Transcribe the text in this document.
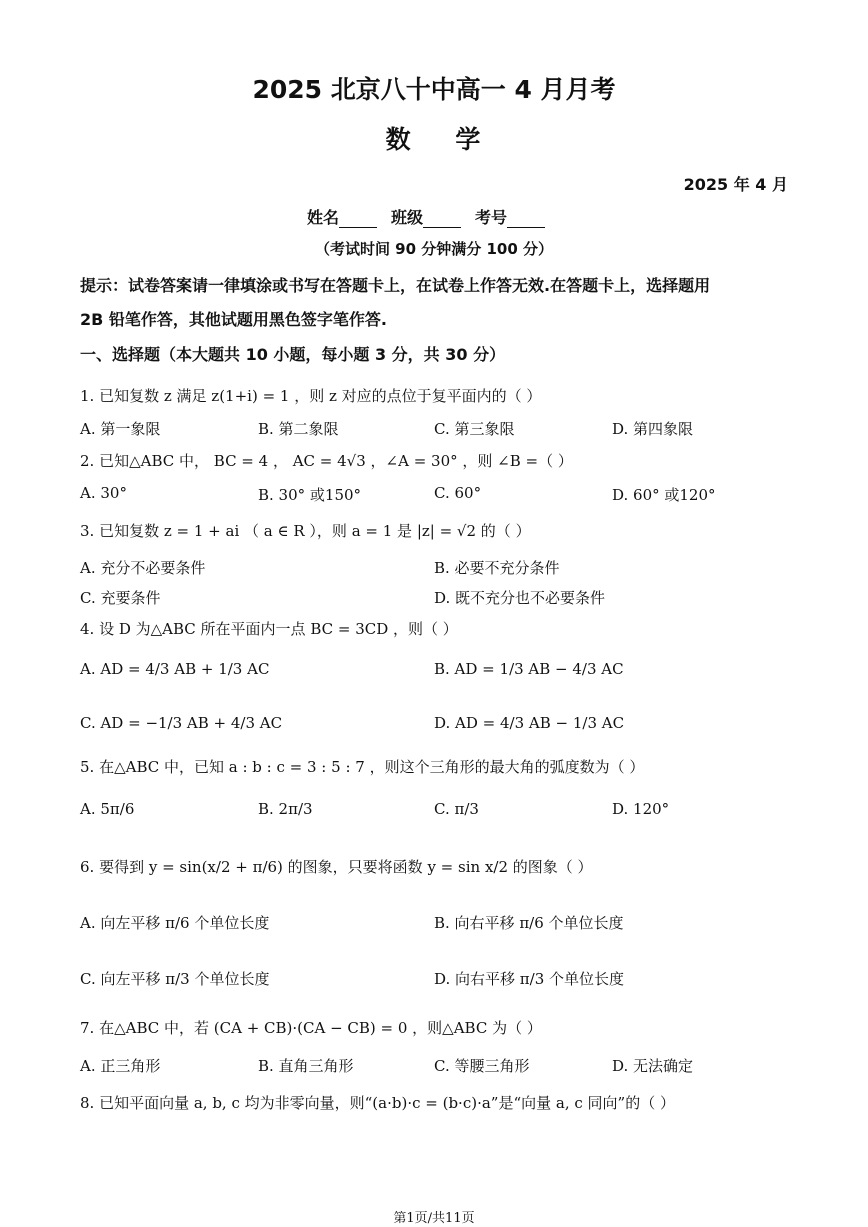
2025 北京八十中高一 4 月月考
数    学
2025 年 4 月
姓名	班级	考号
（考试时间 90 分钟满分 100 分）
提示：试卷答案请一律填涂或书写在答题卡上，在试卷上作答无效.在答题卡上，选择题用
2B 铅笔作答，其他试题用黑色签字笔作答.
一、选择题（本大题共 10 小题，每小题 3 分，共 30 分）
1. 已知复数 z 满足 z(1+i) = 1 ，则 z 对应的点位于复平面内的（ ）
A. 第一象限	B. 第二象限	C. 第三象限	D. 第四象限
2. 已知△ABC 中， BC = 4 ， AC = 4√3 ，∠A = 30° ，则 ∠B =（ ）
A. 30°	B. 30° 或150°	C. 60°	D. 60° 或120°
3. 已知复数 z = 1 + ai （ a ∈ R ），则 a = 1 是 |z| = √2 的（ ）
A. 充分不必要条件	B. 必要不充分条件
C. 充要条件	D. 既不充分也不必要条件
4. 设 D 为△ABC 所在平面内一点 BC = 3CD ，则（ ）
A. AD = 4/3 AB + 1/3 AC	B. AD = 1/3 AB − 4/3 AC
C. AD = −1/3 AB + 4/3 AC	D. AD = 4/3 AB − 1/3 AC
5. 在△ABC 中，已知 a : b : c = 3 : 5 : 7 ，则这个三角形的最大角的弧度数为（ ）
A. 5π/6	B. 2π/3	C. π/3	D. 120°
6. 要得到 y = sin(x/2 + π/6) 的图象，只要将函数 y = sin x/2 的图象（ ）
A. 向左平移 π/6 个单位长度	B. 向右平移 π/6 个单位长度
C. 向左平移 π/3 个单位长度	D. 向右平移 π/3 个单位长度
7. 在△ABC 中，若 (CA + CB)·(CA − CB) = 0 ，则△ABC 为（ ）
A. 正三角形	B. 直角三角形	C. 等腰三角形	D. 无法确定
8. 已知平面向量 a, b, c 均为非零向量，则“(a·b)·c = (b·c)·a”是“向量 a, c 同向”的（ ）
第1页/共11页
